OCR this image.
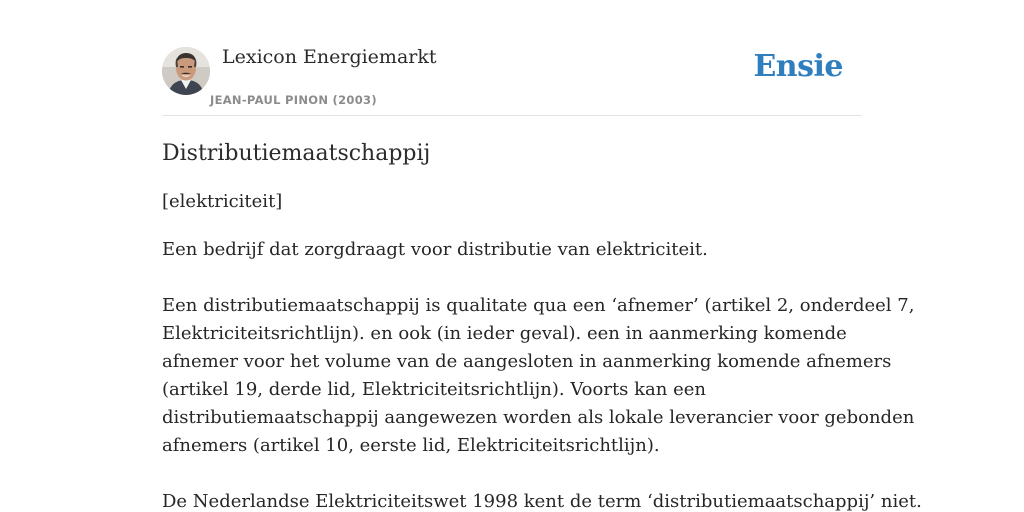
Lexicon Energiemarkt
JEAN-PAUL PINON (2003)
Ensie
Distributiemaatschappij
[elektriciteit]

Een bedrijf dat zorgdraagt voor distributie van elektriciteit.

Een distributiemaatschappij is qualitate qua een ‘afnemer’ (artikel 2, onderdeel 7,
Elektriciteitsrichtlijn). en ook (in ieder geval). een in aanmerking komende
afnemer voor het volume van de aangesloten in aanmerking komende afnemers
(artikel 19, derde lid, Elektriciteitsrichtlijn). Voorts kan een
distributiemaatschappij aangewezen worden als lokale leverancier voor gebonden
afnemers (artikel 10, eerste lid, Elektriciteitsrichtlijn).

De Nederlandse Elektriciteitswet 1998 kent de term ‘distributiemaatschappij’ niet.
